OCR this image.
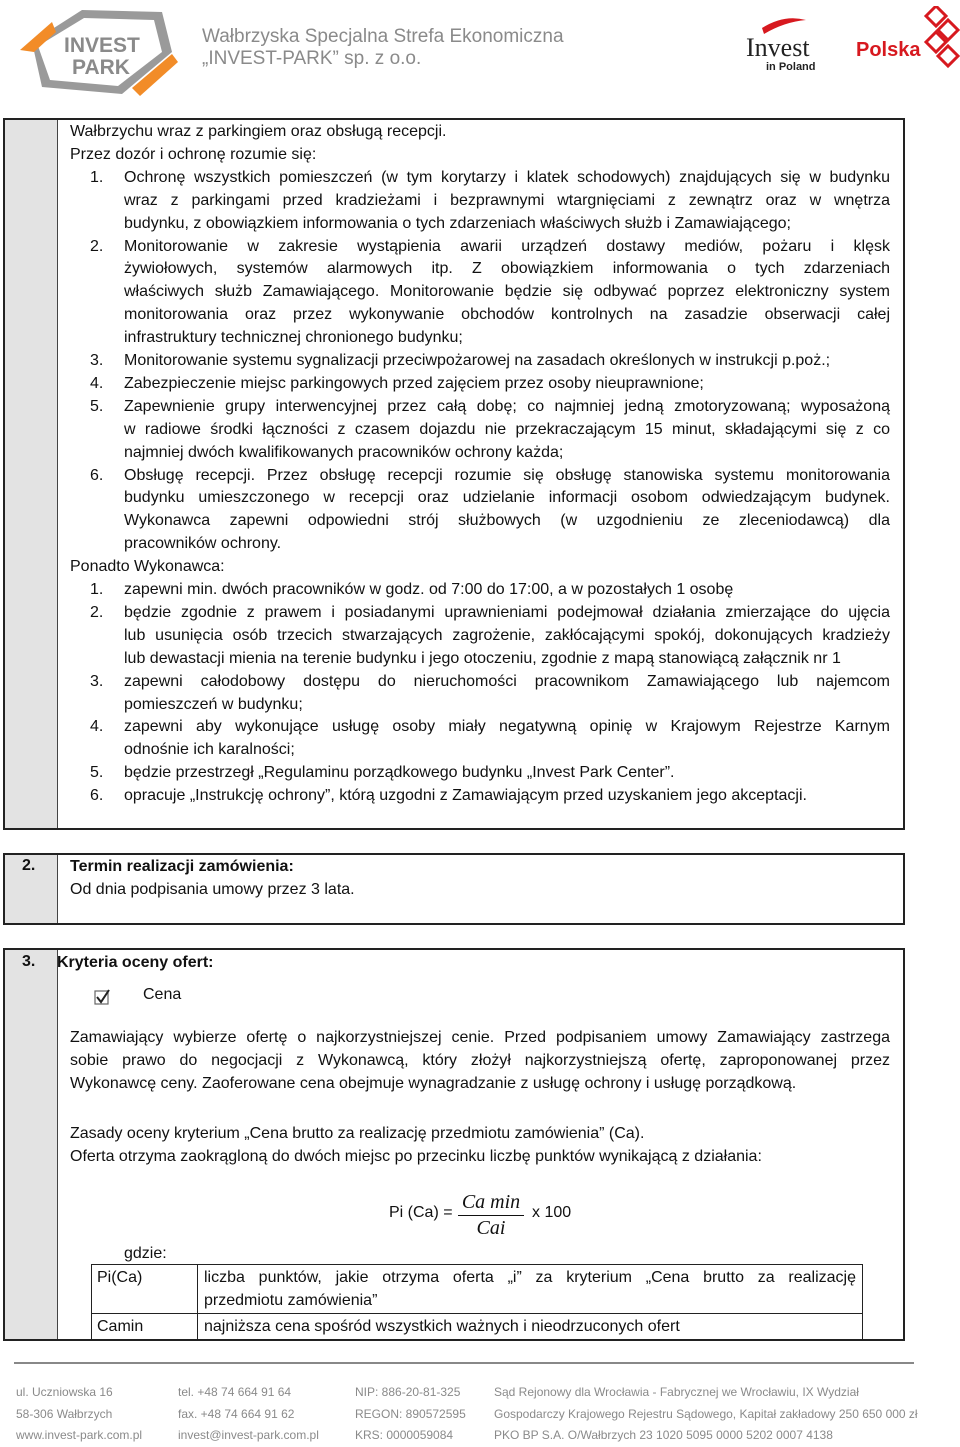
INVEST
PARK
Wałbrzyska Specjalna Strefa Ekonomiczna
„INVEST-PARK” sp. z o.o.	Invest
in Poland
Polska
Wałbrzychu wraz z parkingiem oraz obsługą recepcji.
Przez dozór i ochronę rozumie się:
1. Ochronę wszystkich pomieszczeń (w tym korytarzy i klatek schodowych) znajdujących się w budynku
wraz z parkingami przed kradzieżami i bezprawnymi wtargnięciami z zewnątrz oraz w wnętrza
budynku, z obowiązkiem informowania o tych zdarzeniach właściwych służb i Zamawiającego;
2. Monitorowanie w zakresie wystąpienia awarii urządzeń dostawy mediów, pożaru i klęsk
żywiołowych, systemów alarmowych itp. Z obowiązkiem informowania o tych zdarzeniach
właściwych służb Zamawiającego. Monitorowanie będzie się odbywać poprzez elektroniczny system
monitorowania oraz przez wykonywanie obchodów kontrolnych na zasadzie obserwacji całej
infrastruktury technicznej chronionego budynku;
3. Monitorowanie systemu sygnalizacji przeciwpożarowej na zasadach określonych w instrukcji p.poż.;
4. Zabezpieczenie miejsc parkingowych przed zajęciem przez osoby nieuprawnione;
5. Zapewnienie grupy interwencyjnej przez całą dobę; co najmniej jedną zmotoryzowaną; wyposażoną
w radiowe środki łączności z czasem dojazdu nie przekraczającym 15 minut, składającymi się z co
najmniej dwóch kwalifikowanych pracowników ochrony każda;
6. Obsługę recepcji. Przez obsługę recepcji rozumie się obsługę stanowiska systemu monitorowania
budynku umieszczonego w recepcji oraz udzielanie informacji osobom odwiedzającym budynek.
Wykonawca zapewni odpowiedni strój służbowych (w uzgodnieniu ze zleceniodawcą) dla
pracowników ochrony.
Ponadto Wykonawca:
1. zapewni min. dwóch pracowników w godz. od 7:00 do 17:00, a w pozostałych 1 osobę
2. będzie zgodnie z prawem i posiadanymi uprawnieniami podejmował działania zmierzające do ujęcia
lub usunięcia osób trzecich stwarzających zagrożenie, zakłócającymi spokój, dokonujących kradzieży
lub dewastacji mienia na terenie budynku i jego otoczeniu, zgodnie z mapą stanowiącą załącznik nr 1
3. zapewni całodobowy dostępu do nieruchomości pracownikom Zamawiającego lub najemcom
pomieszczeń w budynku;
4. zapewni aby wykonujące usługę osoby miały negatywną opinię w Krajowym Rejestrze Karnym
odnośnie ich karalności;
5. będzie przestrzegł „Regulaminu porządkowego budynku „Invest Park Center”.
6. opracuje „Instrukcję ochrony”, którą uzgodni z Zamawiającym przed uzyskaniem jego akceptacji.
2. Termin realizacji zamówienia:
Od dnia podpisania umowy przez 3 lata.
3. Kryteria oceny ofert:
Cena
Zamawiający wybierze ofertę o najkorzystniejszej cenie. Przed podpisaniem umowy Zamawiający zastrzega
sobie prawo do negocjacji z Wykonawcą, który złożył najkorzystniejszą ofertę, zaproponowanej przez
Wykonawcę ceny. Zaoferowane cena obejmuje wynagradzanie z usługę ochrony i usługę porządkową.
Zasady oceny kryterium „Cena brutto za realizację przedmiotu zamówienia” (Ca).
Oferta otrzyma zaokrągloną do dwóch miejsc po przecinku liczbę punktów wynikającą z działania:
Pi (Ca) = Ca min
Cai
x 100
gdzie:
Pi(Ca)	liczba punktów, jakie otrzyma oferta „i” za kryterium „Cena brutto za realizację
przedmiotu zamówienia”
Camin	najniższa cena spośród wszystkich ważnych i nieodrzuconych ofert
ul. Uczniowska 16
58-306 Wałbrzych
www.invest-park.com.pl
tel. +48 74 664 91 64
fax. +48 74 664 91 62
invest@invest-park.com.pl
NIP: 886-20-81-325
REGON: 890572595
KRS: 0000059084
Sąd Rejonowy dla Wrocławia - Fabrycznej we Wrocławiu, IX Wydział
Gospodarczy Krajowego Rejestru Sądowego, Kapitał zakładowy 250 650 000 zł
PKO BP S.A. O/Wałbrzych 23 1020 5095 0000 5202 0007 4138
